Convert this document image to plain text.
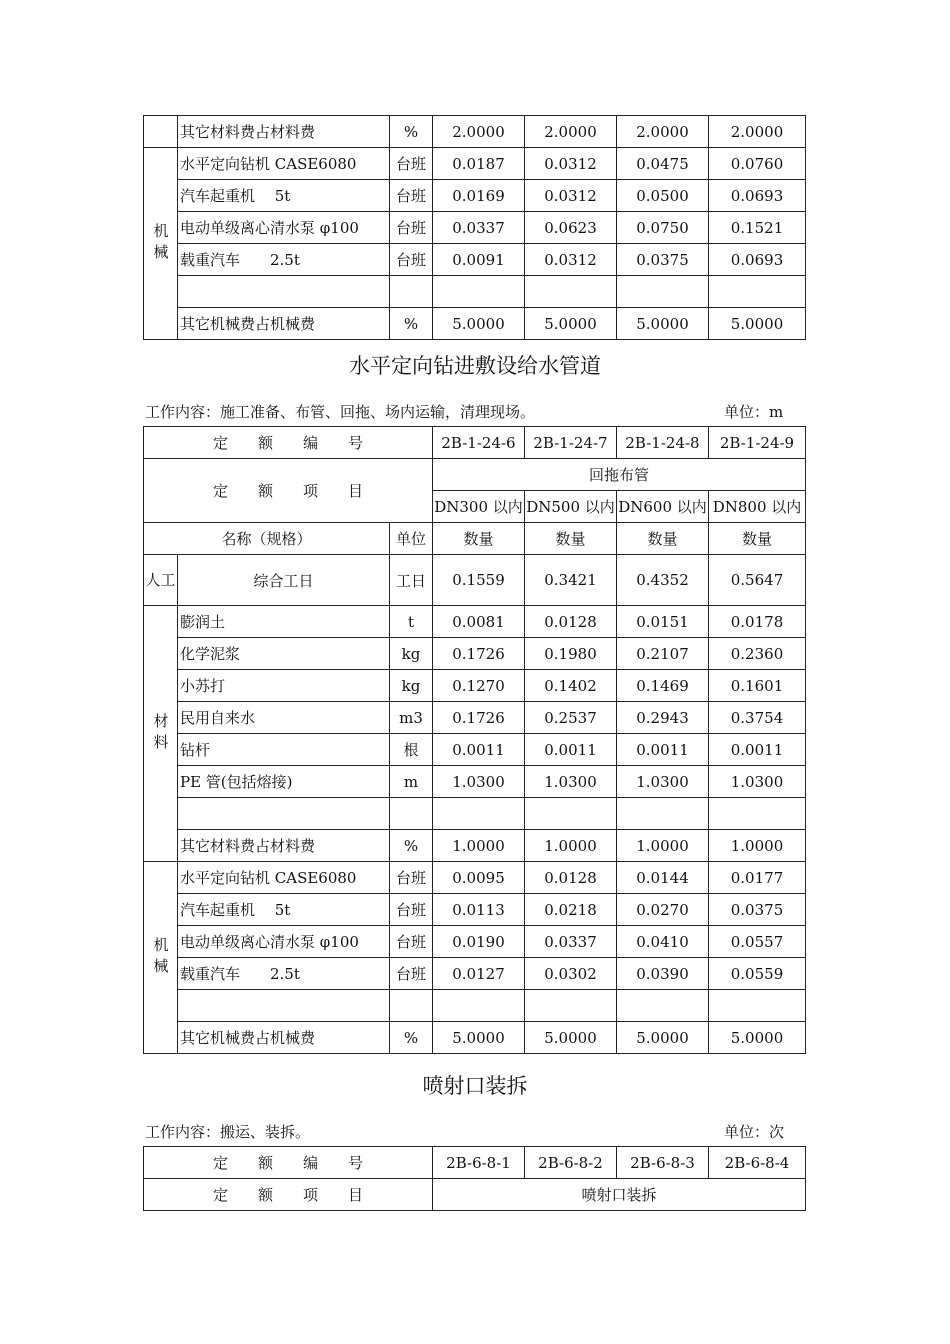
	其它材料费占材料费	%	2.0000	2.0000	2.0000	2.0000
机械	水平定向钻机 CASE6080	台班	0.0187	0.0312	0.0475	0.0760
	汽车起重机　 5t	台班	0.0169	0.0312	0.0500	0.0693
	电动单级离心清水泵 φ100	台班	0.0337	0.0623	0.0750	0.1521
	载重汽车　　2.5t	台班	0.0091	0.0312	0.0375	0.0693

	其它机械费占机械费	%	5.0000	5.0000	5.0000	5.0000
水平定向钻进敷设给水管道
工作内容：施工准备、布管、回拖、场内运输，清理现场。	单位：m
定　　额　　编　　号			2B-1-24-6	2B-1-24-7	2B-1-24-8	2B-1-24-9
定　　额　　项　　目			回拖布管			
			DN300 以内	DN500 以内	DN600 以内	DN800 以内
名称（规格）		单位	数量	数量	数量	数量
人工	综合工日	工日	0.1559	0.3421	0.4352	0.5647
材料	膨润土	t	0.0081	0.0128	0.0151	0.0178
	化学泥浆	kg	0.1726	0.1980	0.2107	0.2360
	小苏打	kg	0.1270	0.1402	0.1469	0.1601
	民用自来水	m3	0.1726	0.2537	0.2943	0.3754
	钻杆	根	0.0011	0.0011	0.0011	0.0011
	PE 管(包括熔接)	m	1.0300	1.0300	1.0300	1.0300

	其它材料费占材料费	%	1.0000	1.0000	1.0000	1.0000
机械	水平定向钻机 CASE6080	台班	0.0095	0.0128	0.0144	0.0177
	汽车起重机　 5t	台班	0.0113	0.0218	0.0270	0.0375
	电动单级离心清水泵 φ100	台班	0.0190	0.0337	0.0410	0.0557
	载重汽车　　2.5t	台班	0.0127	0.0302	0.0390	0.0559

	其它机械费占机械费	%	5.0000	5.0000	5.0000	5.0000
喷射口装拆
工作内容：搬运、装拆。	单位：次
定　　额　　编　　号	2B-6-8-1	2B-6-8-2	2B-6-8-3	2B-6-8-4
定　　额　　项　　目	喷射口装拆			
